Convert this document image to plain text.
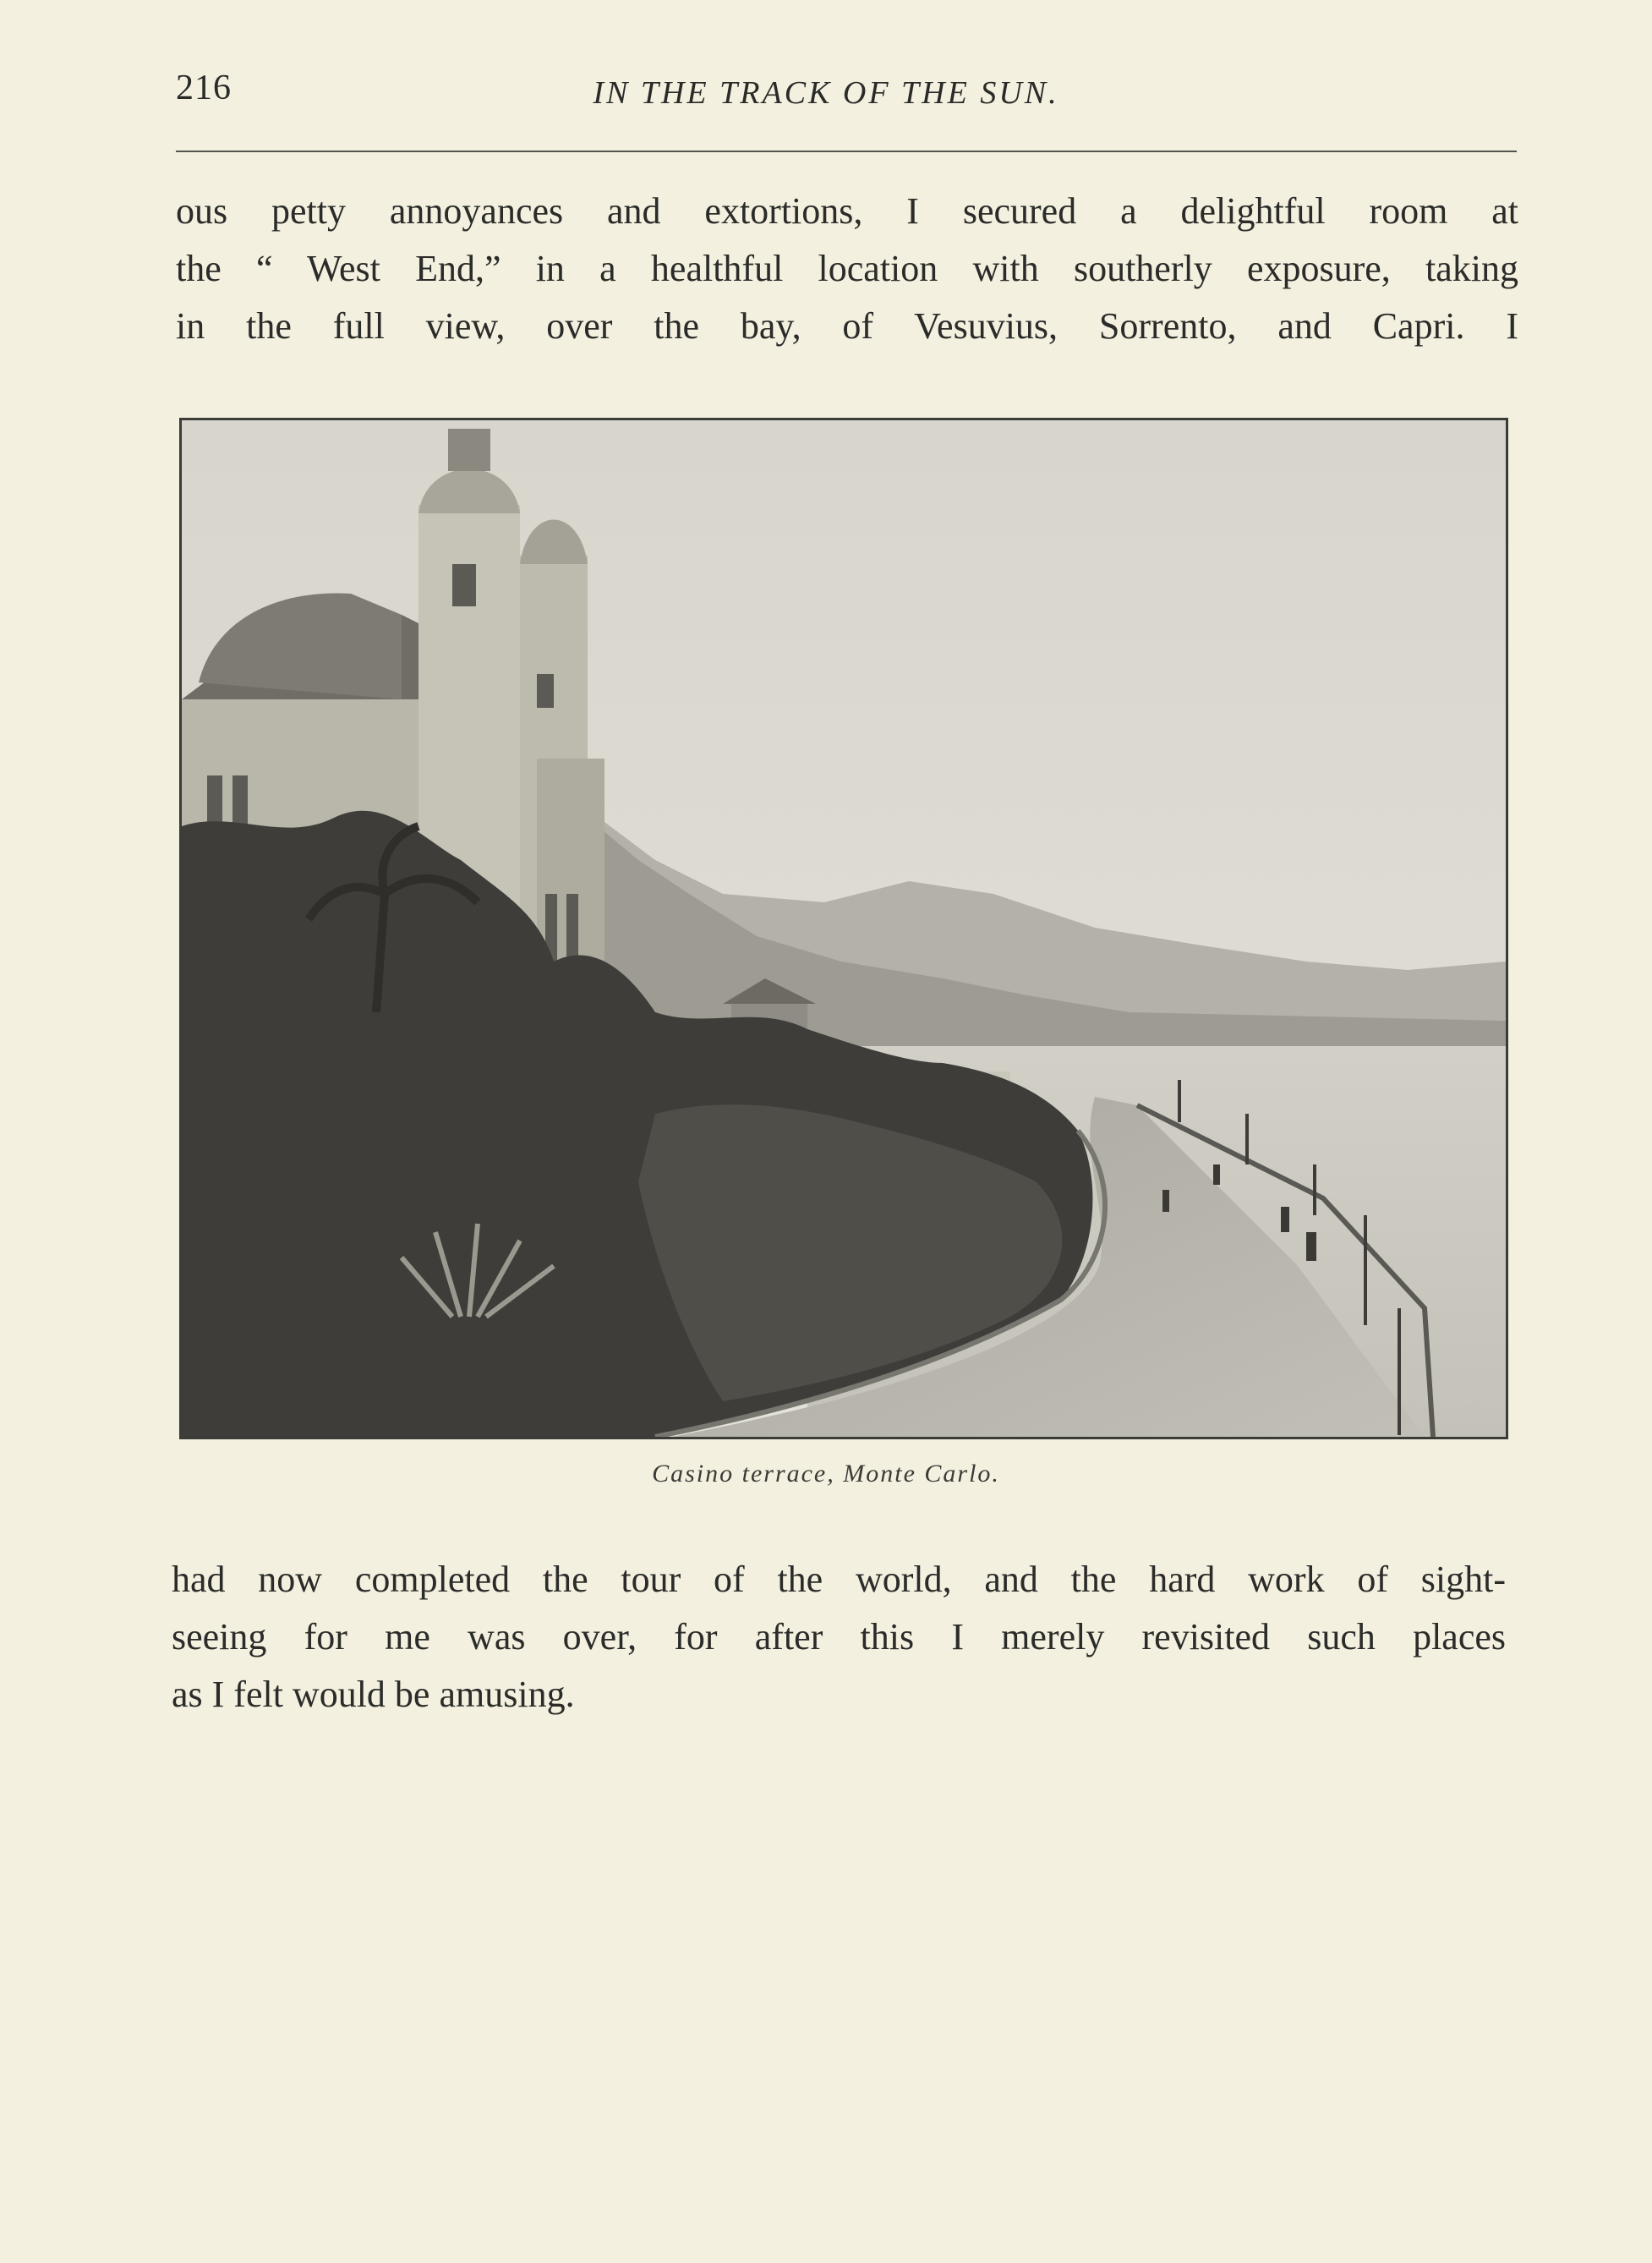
216	IN THE TRACK OF THE SUN.
ous petty annoyances and extortions, I secured a delightful room at
the “ West End,” in a healthful location with southerly exposure, taking
in the full view, over the bay, of Vesuvius, Sorrento, and Capri. I
Casino terrace, Monte Carlo.
had now completed the tour of the world, and the hard work of sight-
seeing for me was over, for after this I merely revisited such places
as I felt would be amusing.
